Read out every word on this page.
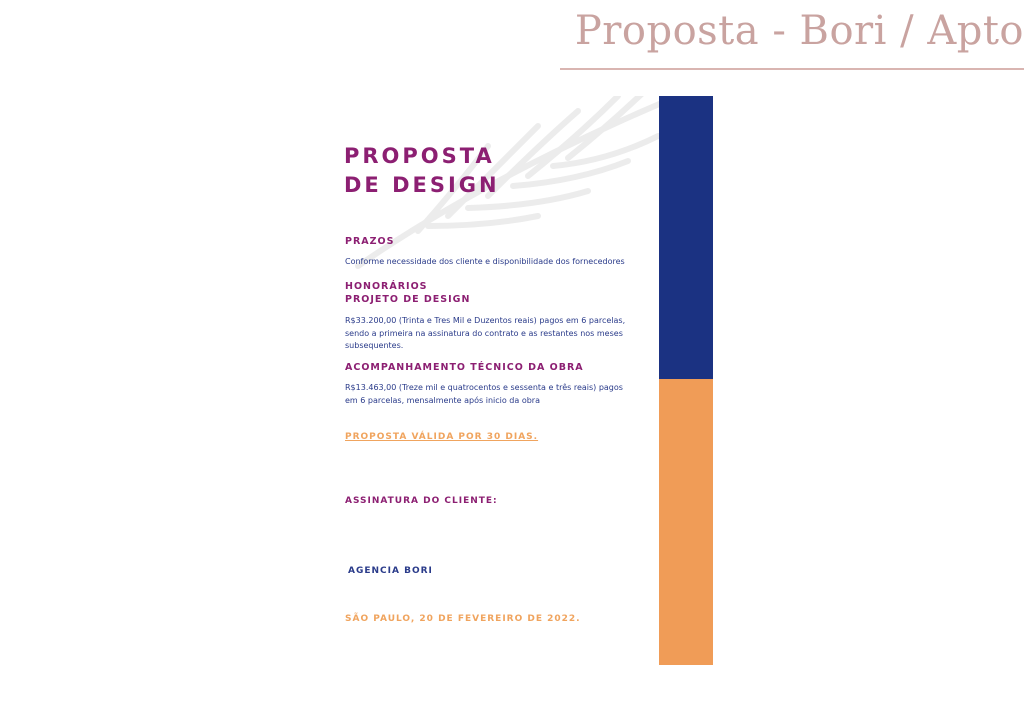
Proposta - Bori / Apto
PROPOSTA
DE DESIGN
PRAZOS
Conforme necessidade dos cliente e disponibilidade dos fornecedores
HONORÁRIOS
PROJETO DE DESIGN
R$33.200,00 (Trinta e Tres Mil e Duzentos reais) pagos em 6 parcelas, sendo a primeira na assinatura do contrato e as restantes nos meses subsequentes.
ACOMPANHAMENTO TÉCNICO DA OBRA
R$13.463,00 (Treze mil e quatrocentos e sessenta e três reais) pagos em 6 parcelas, mensalmente após inicio da obra
PROPOSTA VÁLIDA POR 30 DIAS.
ASSINATURA DO CLIENTE:
AGENCIA BORI
SÃO PAULO, 20 DE FEVEREIRO DE 2022.
